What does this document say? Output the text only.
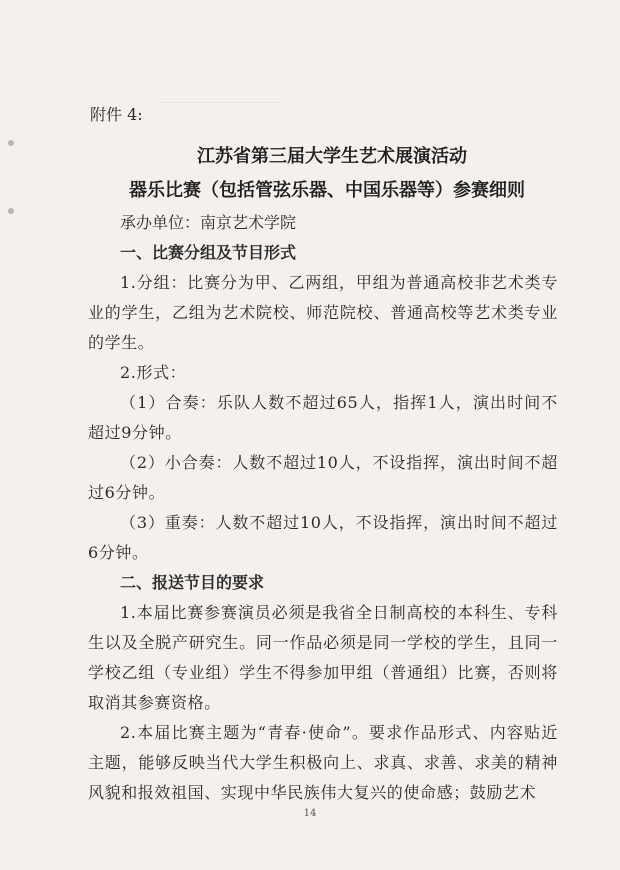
附件 4:
江苏省第三届大学生艺术展演活动
器乐比赛（包括管弦乐器、中国乐器等）参赛细则
承办单位：南京艺术学院
一、比赛分组及节目形式

1.分组：比赛分为甲、乙两组，甲组为普通高校非艺术类专业的学生，乙组为艺术院校、师范院校、普通高校等艺术类专业的学生。

2.形式：

（1）合奏：乐队人数不超过65人，指挥1人，演出时间不超过9分钟。

（2）小合奏：人数不超过10人，不设指挥，演出时间不超过6分钟。

（3）重奏：人数不超过10人，不设指挥，演出时间不超过6分钟。

二、报送节目的要求

1.本届比赛参赛演员必须是我省全日制高校的本科生、专科生以及全脱产研究生。同一作品必须是同一学校的学生，且同一学校乙组（专业组）学生不得参加甲组（普通组）比赛，否则将取消其参赛资格。

2.本届比赛主题为“青春·使命”。要求作品形式、内容贴近主题，能够反映当代大学生积极向上、求真、求善、求美的精神风貌和报效祖国、实现中华民族伟大复兴的使命感；鼓励艺术

14
